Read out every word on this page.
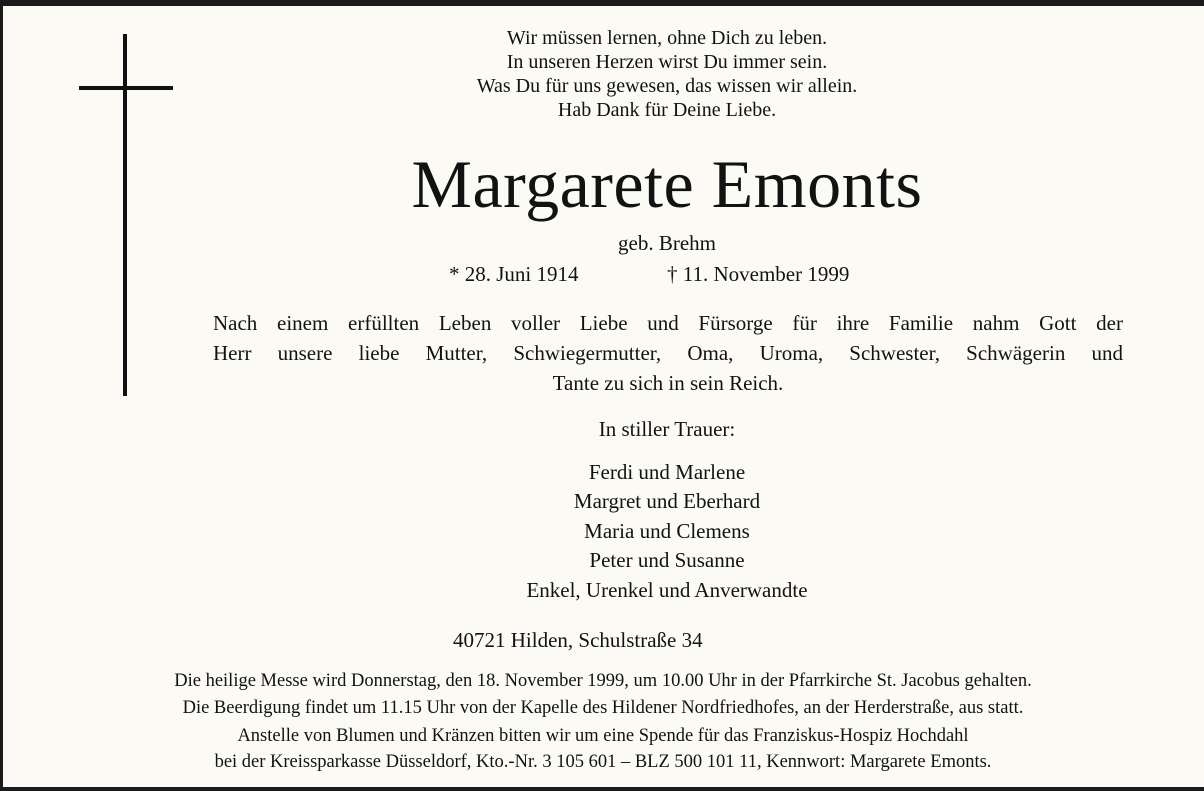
Wir müssen lernen, ohne Dich zu leben.
In unseren Herzen wirst Du immer sein.
Was Du für uns gewesen, das wissen wir allein.
Hab Dank für Deine Liebe.
Margarete Emonts
geb. Brehm
* 28. Juni 1914	† 11. November 1999
Nach einem erfüllten Leben voller Liebe und Fürsorge für ihre Familie nahm Gott der
Herr unsere liebe Mutter, Schwiegermutter, Oma, Uroma, Schwester, Schwägerin und
Tante zu sich in sein Reich.
In stiller Trauer:
Ferdi und Marlene
Margret und Eberhard
Maria und Clemens
Peter und Susanne
Enkel, Urenkel und Anverwandte
40721 Hilden, Schulstraße 34
Die heilige Messe wird Donnerstag, den 18. November 1999, um 10.00 Uhr in der Pfarrkirche St. Jacobus gehalten.
Die Beerdigung findet um 11.15 Uhr von der Kapelle des Hildener Nordfriedhofes, an der Herderstraße, aus statt.
Anstelle von Blumen und Kränzen bitten wir um eine Spende für das Franziskus-Hospiz Hochdahl
bei der Kreissparkasse Düsseldorf, Kto.-Nr. 3 105 601 – BLZ 500 101 11, Kennwort: Margarete Emonts.
